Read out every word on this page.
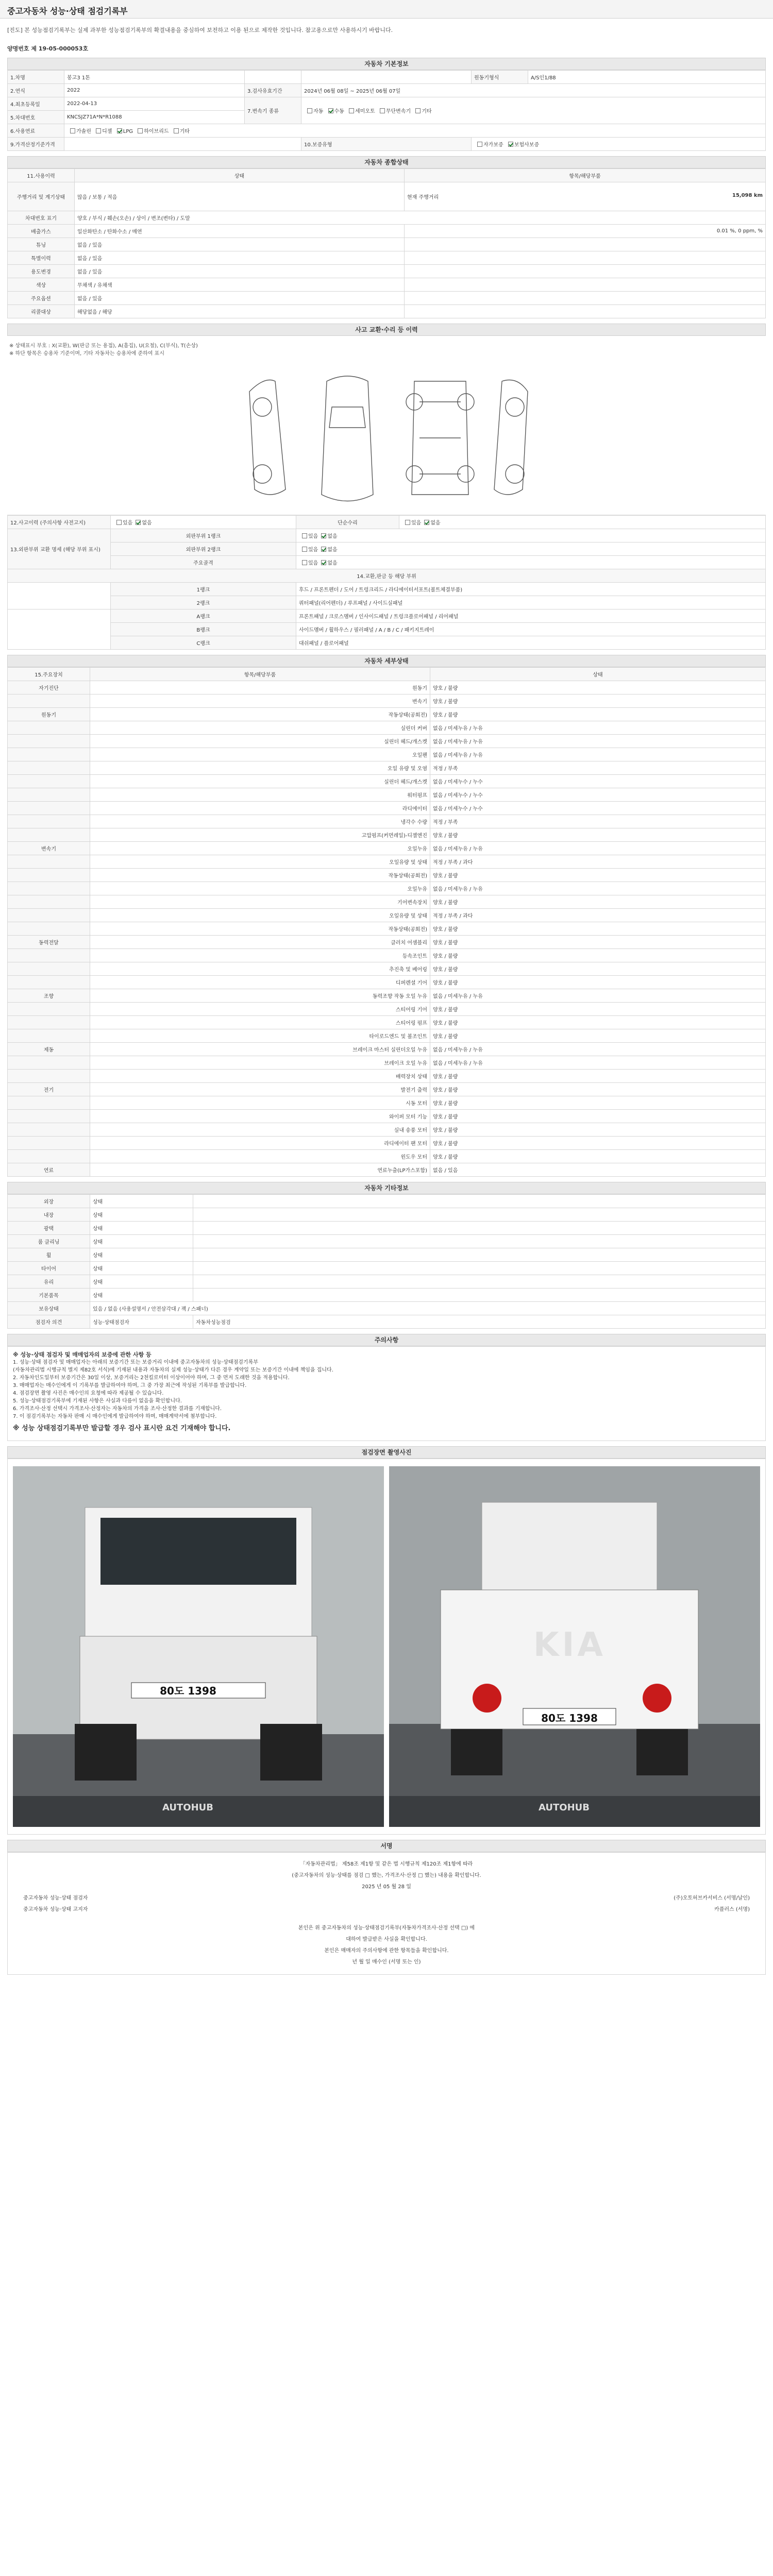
중고자동차 성능·상태 점검기록부
[진도] 본 성능점검기록부는 실제 과부한 성능점검기록부의 확결내용을 중심하여 보전하고 이용 된으로 제작한 것입니다. 참고용으로만 사용하시기 바랍니다.
양명번호 제 19-05-000053호
자동차 기본정보
1.차명	봉고3 1톤			원동기형식	A/S인1/88
2.연식	2022	3.검사유효기간	2024년 06월 08일 ~ 2025년 06월 07일		
4.최초등록일	2022-04-13	7.변속기 종류	자동 수동 세미오토 무단변속기 기타		
5.차대번호	KNCSJZ71A*N*R1088				
6.사용연료	가솔린 디젤 LPG 하이브리드 기타				
9.가격산정기준가격			10.보증유형	자가보증 보험사보증	
자동차 종합상태
11.사용이력	상태	항목/해당부품
주행거리 및 계기상태	많음 / 보통 / 적음	현재 주행거리 15,098 km

차대번호 표기	양호 / 부식 / 훼손(오손) / 상이 / 변조(변타) / 도말	
배출가스	일산화탄소 / 탄화수소 / 매연	0.01 %, 0 ppm, %
튜닝	없음 / 있음	
특별이력	없음 / 있음	
용도변경	없음 / 있음	
색상	무채색 / 유채색	
주요옵션	없음 / 있음	
리콜대상	해당없음 / 해당	
사고 교환·수리 등 이력
※ 상태표시 부호 : X(교환), W(판금 또는 용접), A(흠집), U(요철), C(부식), T(손상)
※ 하단 항목은 승용차 기준이며, 기타 자동차는 승용차에 준하여 표시
12.사고이력 (주의사항 사전고지)	있음 없음	단순수리	있음 없음
13.외판부위 교환 명세 (해당 부위 표시)	외판부위 1랭크	있음 없음	
	외판부위 2랭크	있음 없음	
	주요골격	있음 없음	
14.교환,판금 등 해당 부위			
	1랭크	후드 / 프론트펜더 / 도어 / 트렁크리드 / 라디에이터서포트(볼트체결부품)	
	2랭크	쿼터패널(리어펜더) / 루프패널 / 사이드실패널	
	A랭크	프론트패널 / 크로스멤버 / 인사이드패널 / 트렁크플로어패널 / 리어패널	
	B랭크	사이드멤버 / 휠하우스 / 필러패널 / A / B / C / 패키지트레이	
	C랭크	대쉬패널 / 플로어패널	
자동차 세부상태
15.주요장치	항목/해당부품	상태
자기진단	원동기	양호 / 불량
	변속기	양호 / 불량
원동기	작동상태(공회전)	양호 / 불량
	실린더 커버	없음 / 미세누유 / 누유
	실린더 헤드/개스켓	없음 / 미세누유 / 누유
	오일팬	없음 / 미세누유 / 누유
	오일 유량 및 오염	적정 / 부족
	실린더 헤드/개스켓	없음 / 미세누수 / 누수
	워터펌프	없음 / 미세누수 / 누수
	라디에이터	없음 / 미세누수 / 누수
	냉각수 수량	적정 / 부족
	고압펌프(커먼레일)-디젤엔진	양호 / 불량
변속기	오일누유	없음 / 미세누유 / 누유
	오일유량 및 상태	적정 / 부족 / 과다
	작동상태(공회전)	양호 / 불량
	오일누유	없음 / 미세누유 / 누유
	기어변속장치	양호 / 불량
	오일유량 및 상태	적정 / 부족 / 과다
	작동상태(공회전)	양호 / 불량
동력전달	클러치 어셈블리	양호 / 불량
	등속조인트	양호 / 불량
	추진축 및 베어링	양호 / 불량
	디퍼렌셜 기어	양호 / 불량
조향	동력조향 작동 오일 누유	없음 / 미세누유 / 누유
	스티어링 기어	양호 / 불량
	스티어링 펌프	양호 / 불량
	타이로드엔드 및 볼조인트	양호 / 불량
제동	브레이크 마스터 실린더오일 누유	없음 / 미세누유 / 누유
	브레이크 오일 누유	없음 / 미세누유 / 누유
	배력장치 상태	양호 / 불량
전기	발전기 출력	양호 / 불량
	시동 모터	양호 / 불량
	와이퍼 모터 기능	양호 / 불량
	실내 송풍 모터	양호 / 불량
	라디에이터 팬 모터	양호 / 불량
	윈도우 모터	양호 / 불량
연료	연료누출(LP가스포함)	없음 / 있음
자동차 기타정보
외장	상태	
내장	상태	
광택	상태	
룸 클리닝	상태	
휠	상태	
타이어	상태	
유리	상태	
기본품목	상태	
보유상태	있음 / 없음 (사용설명서 / 안전삼각대 / 잭 / 스패너)	
점검자 의견	성능·상태점검자	자동차성능점검
주의사항
※ 성능·상태 점검자 및 매매업자의 보증에 관한 사항 등
1. 성능·상태 점검자 및 매매업자는 아래의 보증기간 또는 보증거리 이내에 중고자동차의 성능·상태점검기록부
(자동차관리법 시행규칙 별지 제82호 서식)에 기재된 내용과 자동차의 실제 성능·상태가 다른 경우 계약일 또는 보증기간 이내에 책임을 집니다.
2. 자동차인도일부터 보증기간은 30일 이상, 보증거리는 2천킬로미터 이상이어야 하며, 그 중 먼저 도래한 것을 적용합니다.
3. 매매업자는 매수인에게 이 기록부를 발급하여야 하며, 그 중 가장 최근에 작성된 기록부를 발급합니다.
4. 점검장면 촬영 사진은 매수인의 요청에 따라 제공될 수 있습니다.
5. 성능·상태점검기록부에 기재된 사항은 사실과 다름이 없음을 확인합니다.
6. 가격조사·산정 선택시 가격조사·산정자는 자동차의 가격을 조사·산정한 결과를 기재합니다.
7. 이 점검기록부는 자동차 판매 시 매수인에게 발급하여야 하며, 매매계약서에 첨부합니다.
※ 성능 상태점검기록부만 발급할 경우 검사 표시란 요건 기재해야 합니다.
점검장면 촬영사진
80도 1398
AUTOHUB
KIA
80도 1398
AUTOHUB
서명
「자동차관리법」 제58조 제1항 및 같은 법 시행규칙 제120조 제1항에 따라
(중고자동차의 성능·상태를 점검 □ 했는, 가격조사·산정 □ 했는) 내용을 확인합니다.
2025 년 05 월 28 일
중고자동차 성능·상태 점검자	(주)오토허브카서비스 (서명/날인)
중고자동차 성능·상태 고지자	카플러스 (서명)
본인은 위 중고자동차의 성능·상태점검기록부(자동차가격조사·산정 선택 □) 에
대하여 발급받은 사실을 확인합니다.
본인은 매매자의 주의사항에 관한 항목들을 확인합니다.
년 월 일 매수인 (서명 또는 인)
